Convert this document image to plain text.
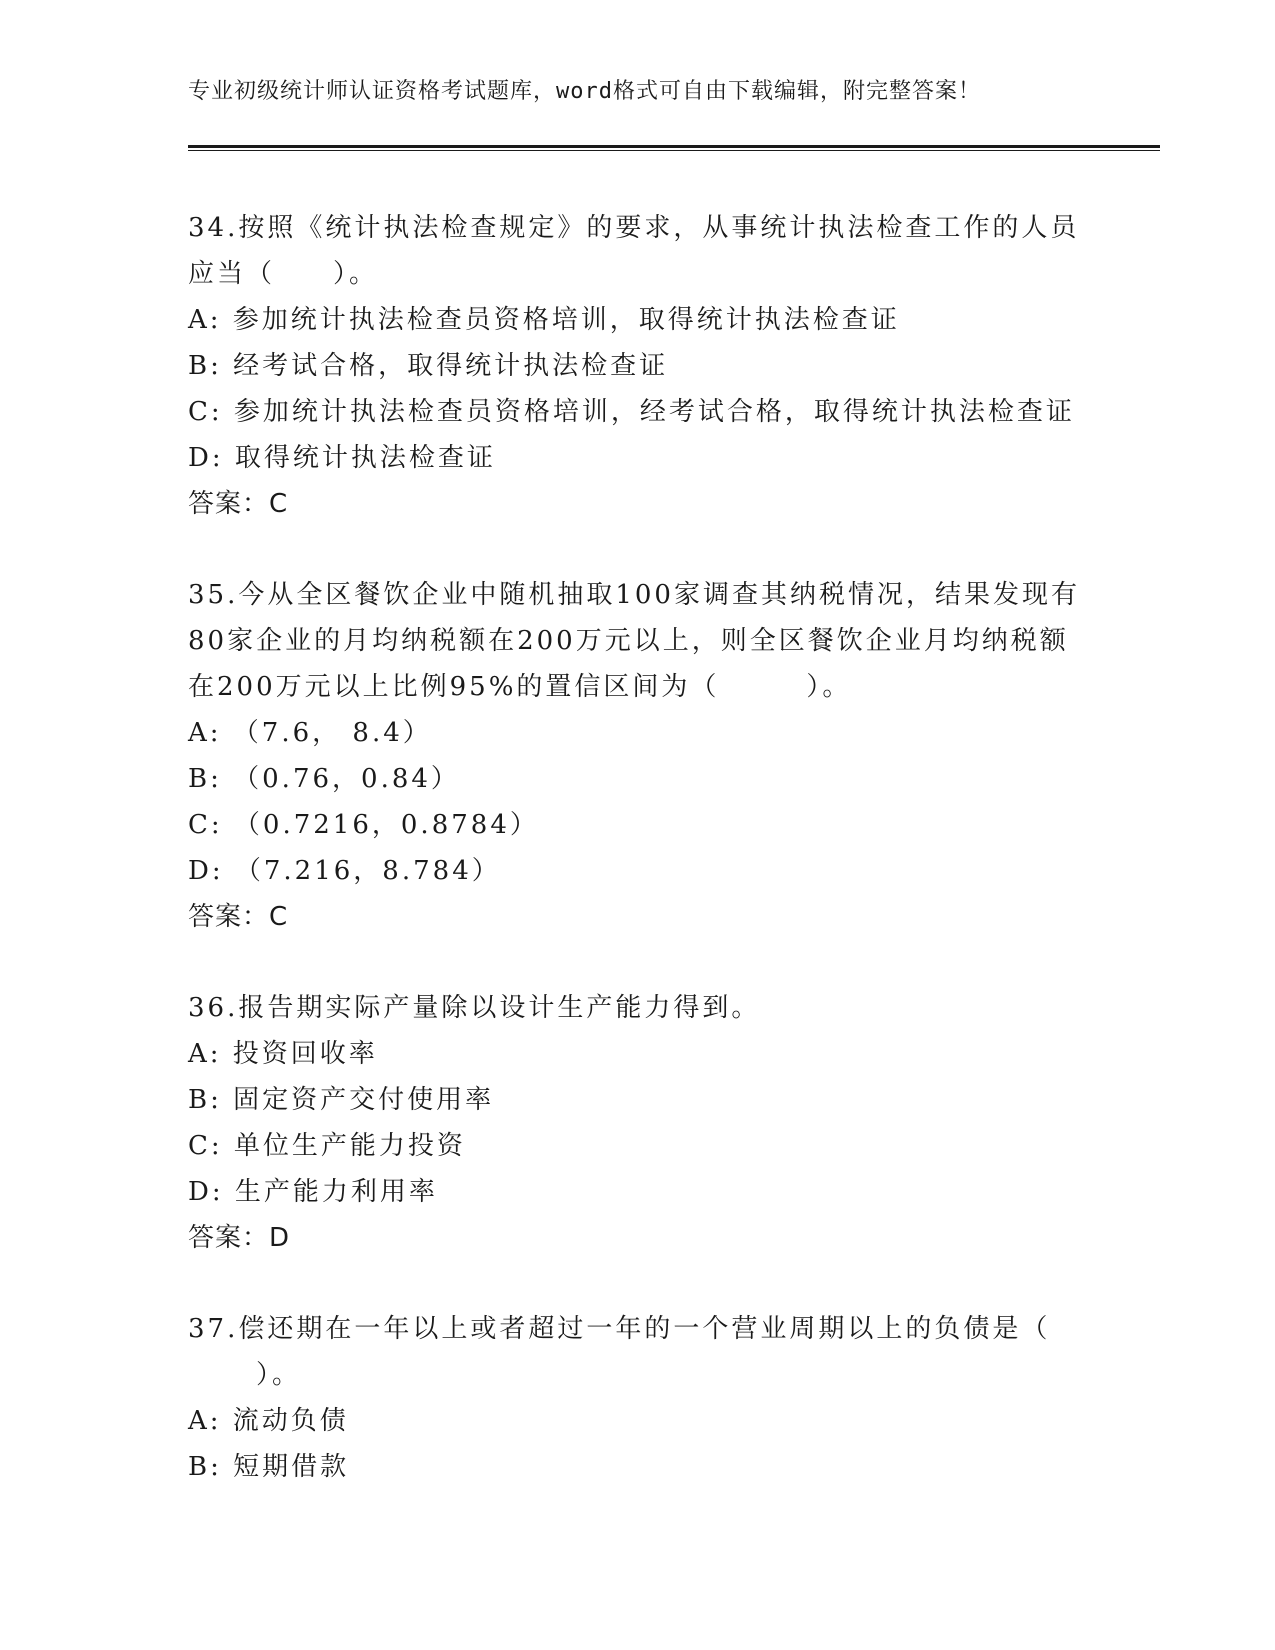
专业初级统计师认证资格考试题库，word格式可自由下载编辑，附完整答案！
34.按照《统计执法检查规定》的要求，从事统计执法检查工作的人员
应当（　　）。
A: 参加统计执法检查员资格培训，取得统计执法检查证
B: 经考试合格，取得统计执法检查证
C: 参加统计执法检查员资格培训，经考试合格，取得统计执法检查证
D: 取得统计执法检查证
答案：C
35.今从全区餐饮企业中随机抽取100家调查其纳税情况，结果发现有
80家企业的月均纳税额在200万元以上，则全区餐饮企业月均纳税额
在200万元以上比例95%的置信区间为（　　　）。
A: （7.6， 8.4）
B: （0.76，0.84）
C: （0.7216，0.8784）
D: （7.216，8.784）
答案：C
36.报告期实际产量除以设计生产能力得到。
A: 投资回收率
B: 固定资产交付使用率
C: 单位生产能力投资
D: 生产能力利用率
答案：D
37.偿还期在一年以上或者超过一年的一个营业周期以上的负债是（
）。
A: 流动负债
B: 短期借款
